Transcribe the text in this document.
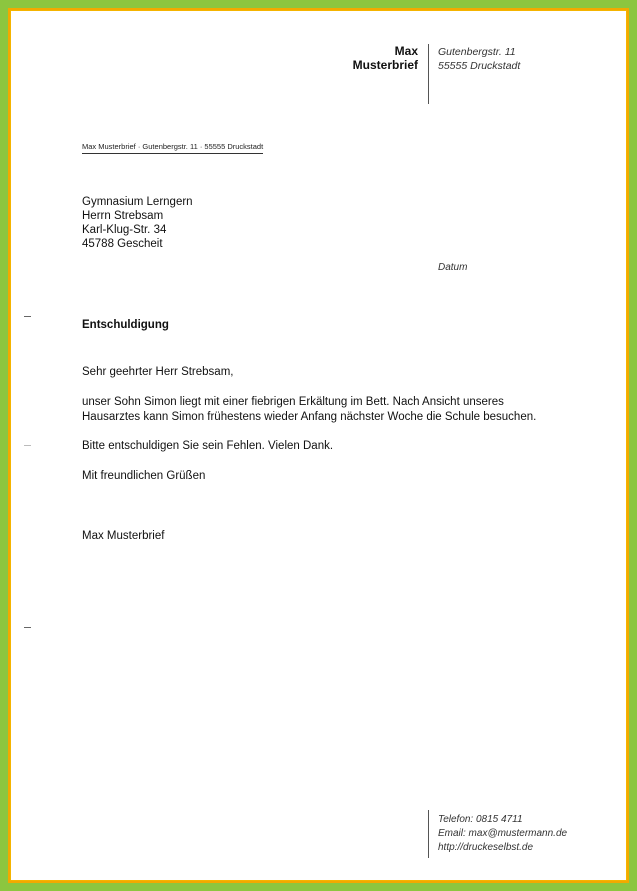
Max
Musterbrief
Gutenbergstr. 11
55555 Druckstadt
Max Musterbrief · Gutenbergstr. 11 · 55555 Druckstadt
Gymnasium Lerngern
Herrn Strebsam
Karl-Klug-Str. 34
45788 Gescheit
Datum
Entschuldigung
Sehr geehrter Herr Strebsam,
unser Sohn Simon liegt mit einer fiebrigen Erkältung im Bett. Nach Ansicht unseres
Hausarztes kann Simon frühestens wieder Anfang nächster Woche die Schule besuchen.
Bitte entschuldigen Sie sein Fehlen. Vielen Dank.
Mit freundlichen Grüßen
Max Musterbrief
Telefon: 0815 4711
Email: max@mustermann.de
http://druckeselbst.de
